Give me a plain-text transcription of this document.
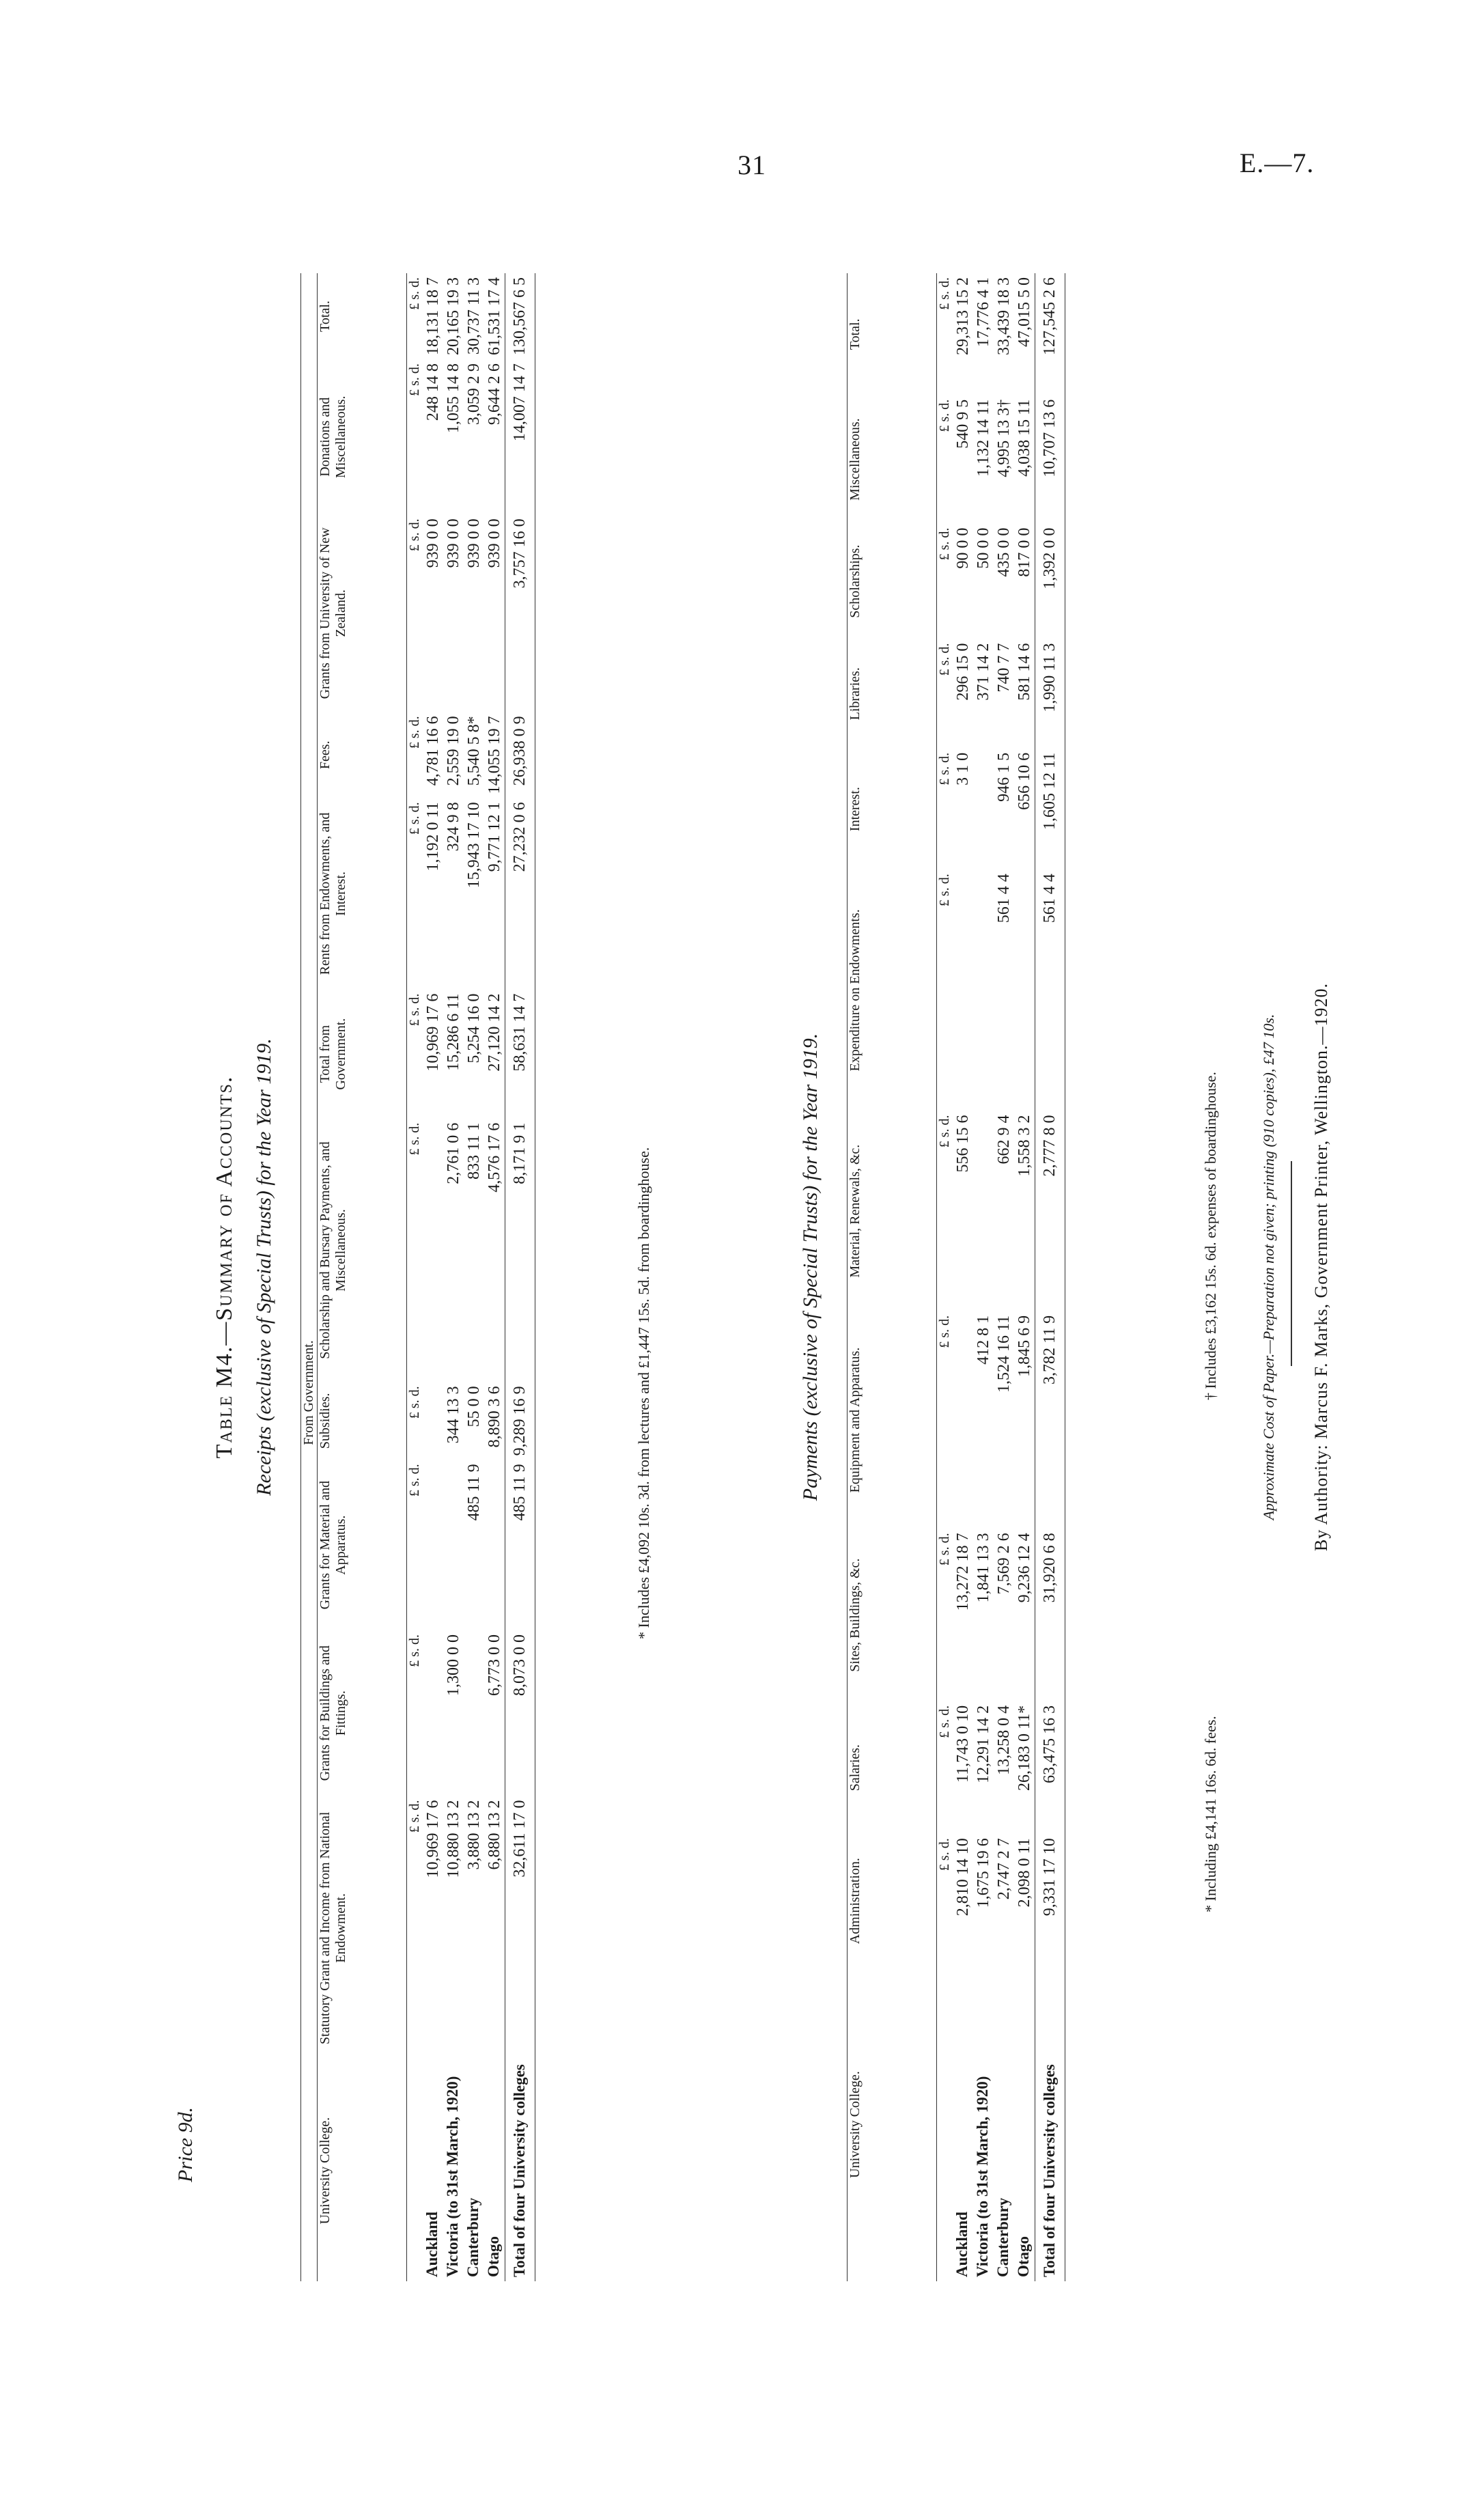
31	E.—7.
Price 9d.
Table M4.—Summary of Accounts. Receipts (exclusive of Special Trusts) for the Year 1919.
		From Government.									
University College.	Statutory Grant and Income from National Endowment.	Grants for Buildings and Fittings.	Grants for Material and Apparatus.	Subsidies.	Scholarship and Bursary Payments, and Miscellaneous.	Total from Government.	Rents from Endowments, and Interest.	Fees.	Grants from University of New Zealand.	Donations and Miscellaneous.	Total.
	£ s. d.	£ s. d.	£ s. d.	£ s. d.	£ s. d.	£ s. d.	£ s. d.	£ s. d.	£ s. d.	£ s. d.	£ s. d.
Auckland	10,969 17 6					10,969 17 6	1,192 0 11	4,781 16 6	939 0 0	248 14 8	18,131 18 7
Victoria (to 31st March, 1920)	10,880 13 2	1,300 0 0		344 13 3	2,761 0 6	15,286 6 11	324 9 8	2,559 19 0	939 0 0	1,055 14 8	20,165 19 3
Canterbury	3,880 13 2		485 11 9	55 0 0	833 11 1	5,254 16 0	15,943 17 10	5,540 5 8*	939 0 0	3,059 2 9	30,737 11 3
Otago	6,880 13 2	6,773 0 0		8,890 3 6	4,576 17 6	27,120 14 2	9,771 12 1	14,055 19 7	939 0 0	9,644 2 6	61,531 17 4
Total of four University colleges	32,611 17 0	8,073 0 0	485 11 9	9,289 16 9	8,171 9 1	58,631 14 7	27,232 0 6	26,938 0 9	3,757 16 0	14,007 14 7	130,567 6 5
* Includes £4,092 10s. 3d. from lectures and £1,447 15s. 5d. from boardinghouse.	Payments (exclusive of Special Trusts) for the Year 1919.
University College.	Administration.	Salaries.	Sites, Buildings, &c.	Equipment and Apparatus.	Material, Renewals, &c.	Expenditure on Endowments.	Interest.	Libraries.	Scholarships.	Miscellaneous.	Total.
	£ s. d.	£ s. d.	£ s. d.	£ s. d.	£ s. d.	£ s. d.	£ s. d.	£ s. d.	£ s. d.	£ s. d.	£ s. d.
Auckland	2,810 14 10	11,743 0 10	13,272 18 7		556 15 6		3 1 0	296 15 0	90 0 0	540 9 5	29,313 15 2
Victoria (to 31st March, 1920)	1,675 19 6	12,291 14 2	1,841 13 3	412 8 1				371 14 2	50 0 0	1,132 14 11	17,776 4 1
Canterbury	2,747 2 7	13,258 0 4	7,569 2 6	1,524 16 11	662 9 4	561 4 4	946 1 5	740 7 7	435 0 0	4,995 13 3†	33,439 18 3
Otago	2,098 0 11	26,183 0 11*	9,236 12 4	1,845 6 9	1,558 3 2		656 10 6	581 14 6	817 0 0	4,038 15 11	47,015 5 0
Total of four University colleges	9,331 17 10	63,475 16 3	31,920 6 8	3,782 11 9	2,777 8 0	561 4 4	1,605 12 11	1,990 11 3	1,392 0 0	10,707 13 6	127,545 2 6
* Including £4,141 16s. 6d. fees.
† Includes £3,162 15s. 6d. expenses of boardinghouse.	Approximate Cost of Paper.—Preparation not given; printing (910 copies), £47 10s. By Authority: Marcus F. Marks, Government Printer, Wellington.—1920.
